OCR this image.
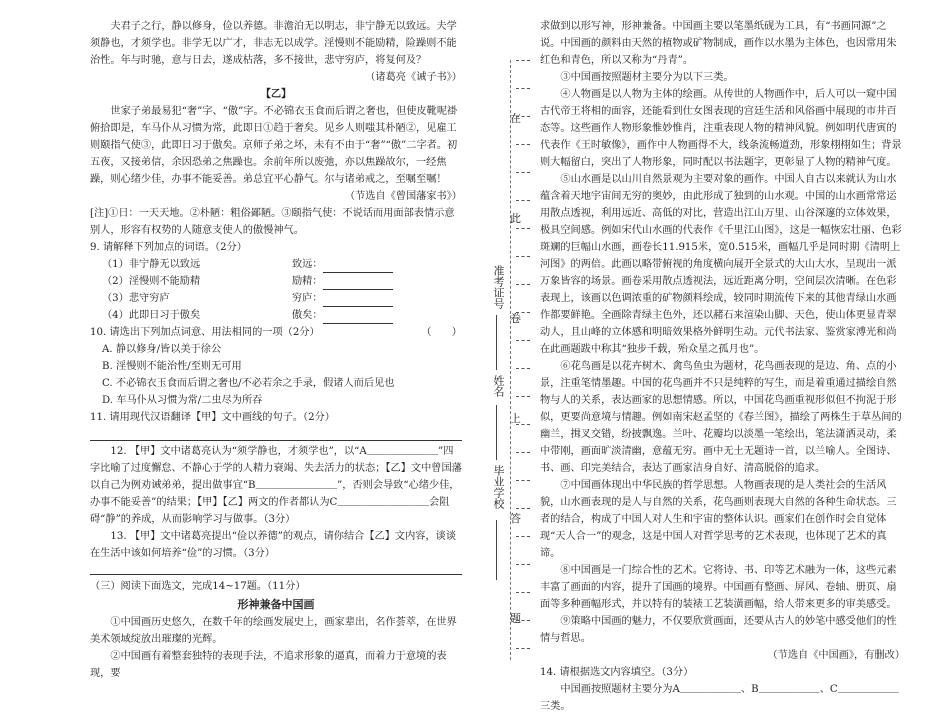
夫君子之行，静以修身，俭以养德。非澹泊无以明志，非宁静无以致远。夫学须静也，才须学也。非学无以广才，非志无以成学。淫慢则不能励精，险躁则不能治性。年与时驰，意与日去，遂成枯落，多不接世，悲守穷庐，将复何及？

（诸葛亮《诫子书》）

【乙】

世家子弟最易犯“奢”字、“傲”字。不必锦衣玉食而后谓之奢也，但使皮靴呢褂俯拾即是，车马仆从习惯为常，此即日①趋于奢矣。见乡人则嗤其朴陋②，见雇工则颐指气使③，此即日习于傲矣。京师子弟之坏，未有不由于“奢”“傲”二字者。初五夜，又接弟信，余因恐弟之焦躁也。余前年所以废弛，亦以焦躁故尔，一经焦躁，则心绪少佳，办事不能妥善。弟总宜平心静气。尔与诸弟戒之，至嘱至嘱！

（节选自《曾国藩家书》）

[注]①日：一天天地。②朴陋：粗俗鄙陋。③颐指气使：不说话而用面部表情示意别人，形容有权势的人随意支使人的傲慢神气。

9. 请解释下列加点的词语。（2分）

（1）非宁静无以致远	致远：
（2）淫慢则不能励精	励精：
（3）悲守穷庐	穷庐：
（4）此即日习于傲矣	傲矣：

10. 请选出下列加点词意、用法相同的一项（2分）	（　　）

A. 静以修身/皆以美于徐公

B. 淫慢则不能治性/至则无可用

C. 不必锦衣玉食而后谓之奢也/不必若余之手录，假诸人而后见也

D. 车马仆从习惯为常/二虫尽为所吞

11. 请用现代汉语翻译【甲】文中画线的句子。（2分）

12. 【甲】文中诸葛亮认为“须学静也，才须学也”，以“A＿＿＿＿＿＿＿”四字比喻了过度懈怠、不静心于学的人精力衰竭、失去活力的状态；【乙】文中曾国藩以自己为例劝诫弟弟，提出做事宜“B＿＿＿＿＿＿＿＿”，否则会导致“心绪少佳，办事不能妥善”的结果；【甲】【乙】两文的作者都认为C＿＿＿＿＿＿＿＿＿会阻碍“静”的养成，从而影响学习与做事。（3分）

13. 【甲】文中诸葛亮提出“俭以养德”的观点，请你结合【乙】文内容，谈谈在生活中该如何培养“俭”的习惯。（3分）

（三）阅读下面选文，完成14~17题。（11分）

形神兼备中国画

①中国画历史悠久，在数千年的绘画发展史上，画家辈出，名作荟萃，在世界美术领域绽放出璀璨的光辉。

②中国画有着整套独特的表现手法，不追求形象的逼真，而着力于意境的表现，要

在
此
卷
上
答
题
准考证号
姓名
毕业学校

求做到以形写神，形神兼备。中国画主要以笔墨纸砚为工具，有“书画同源”之说。中国画的颜料由天然的植物或矿物制成，画作以水墨为主体色，也因常用朱红色和青色，所以又称为“丹青”。

③中国画按照题材主要分为以下三类。

④人物画是以人物为主体的绘画。从传世的人物画作中，后人可以一窥中国古代帝王将相的面容，还能看到仕女图表现的宫廷生活和风俗画中展现的市井百态等。这些画作人物形象惟妙惟肖，注重表现人物的精神风貌。例如明代唐寅的代表作《王时敏像》，画作中人物画得不大，线条流畅道劲，形象栩栩如生；背景则大幅留白，突出了人物形象，同时配以书法题字，更彰显了人物的精神气度。

⑤山水画是以山川自然景观为主要对象的画作。中国人自古以来就认为山水蕴含着天地宇宙间无穷的奥妙，由此形成了独到的山水观。中国的山水画常常运用散点透视，利用远近、高低的对比，营造出江山万里、山谷深邃的立体效果，极具空间感。例如宋代山水画的代表作《千里江山图》，这是一幅恢宏壮丽、色彩斑斓的巨幅山水画，画卷长11.915米，宽0.515米，画幅几乎是同时期《清明上河图》的两倍。此画以略带俯视的角度横向展开全景式的大山大水，呈现出一派万象皆容的场景。画卷采用散点透视法，远近距离分明，空间层次清晰。在色彩表现上，该画以色调浓重的矿物颜料绘成，较同时期流传下来的其他青绿山水画作都要鲜艳。全画除青绿主色外，还以赭石来渲染山脚、天色，使山体更显青翠动人，且山峰的立体感和明暗效果格外鲜明生动。元代书法家、鉴赏家溥光和尚在此画题跋中称其“独步千载，殆众星之孤月也”。

⑥花鸟画是以花卉树木、禽鸟鱼虫为题材，花鸟画表现的是边、角、点的小景，注重笔情墨趣。中国的花鸟画并不只是纯粹的写生，而是着重通过描绘自然物与人的关系，表达画家的思想情感。所以，中国花鸟画重视形似但不拘泥于形似，更要尚意境与情趣。例如南宋赵孟坚的《春兰图》，描绘了两株生于草丛间的幽兰，揖叉交错，纷披飘逸。兰叶、花瓣均以淡墨一笔绘出，笔法潇洒灵动，柔中带刚，画面旷淡清幽，意蕴无穷。画中无土无题诗一首，以兰喻人。全图诗、书、画、印完美结合，表达了画家洁身自好、清高脱俗的追求。

⑦中国画体现出中华民族的哲学思想。人物画表现的是人类社会的生活风貌，山水画表现的是人与自然的关系，花鸟画则表现大自然的各种生命状态。三者的结合，构成了中国人对人生和宇宙的整体认识。画家们在创作时会自觉体现“天人合一”的观念，这是中国人对哲学思考的艺术表现，也体现了艺术的真谛。

⑧中国画是一门综合性的艺术。它将诗、书、印等艺术融为一体，这些元素丰富了画面的内容，提升了国画的境界。中国画有整画、屏风、卷轴、册页、扇面等多种画幅形式，并以特有的装裱工艺装潢画幅，给人带来更多的审美感受。

⑨策略中国画的魅力，不仅要欣赏画面，还要从古人的妙笔中感受他们的性情与哲思。

（节选自《中国画》，有删改）

14. 请根据选文内容填空。（3分）

中国画按照题材主要分为A＿＿＿＿＿＿、B＿＿＿＿＿＿、C＿＿＿＿＿＿三类。
